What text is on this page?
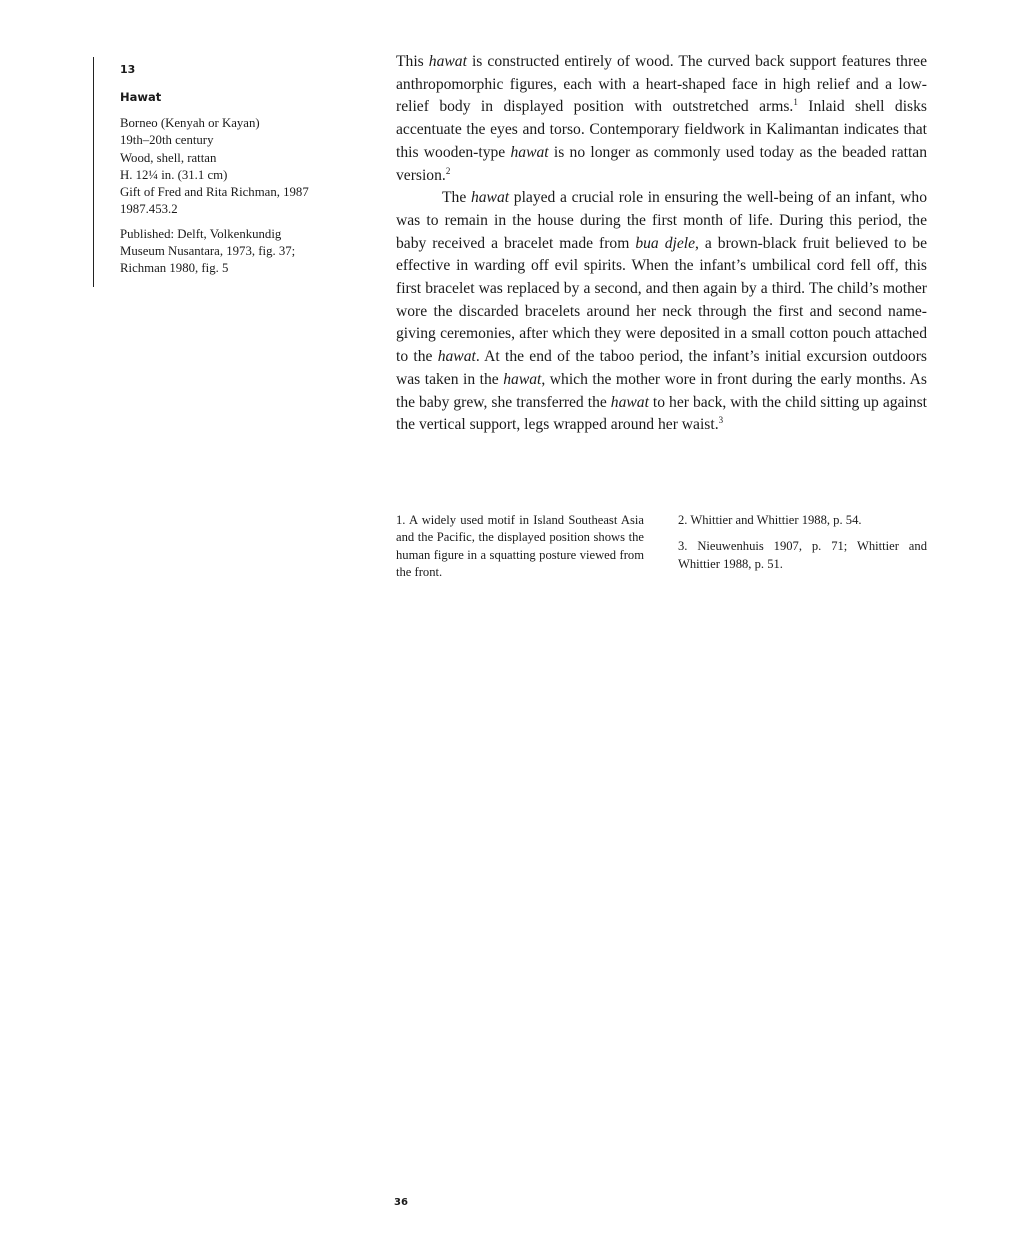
13
Hawat
Borneo (Kenyah or Kayan)
19th–20th century
Wood, shell, rattan
H. 12¼ in. (31.1 cm)
Gift of Fred and Rita Richman, 1987
1987.453.2
Published: Delft, Volkenkundig
Museum Nusantara, 1973, fig. 37;
Richman 1980, fig. 5

This hawat is constructed entirely of wood. The curved back support features three anthropomorphic figures, each with a heart-shaped face in high relief and a low-relief body in displayed position with outstretched arms.$^1$ Inlaid shell disks accentuate the eyes and torso. Contemporary fieldwork in Kalimantan indicates that this wooden-type hawat is no longer as commonly used today as the beaded rattan version.$^2$

The hawat played a crucial role in ensuring the well-being of an infant, who was to remain in the house during the first month of life. During this period, the baby received a bracelet made from bua djele, a brown-black fruit believed to be effective in warding off evil spirits. When the infant’s umbilical cord fell off, this first bracelet was replaced by a second, and then again by a third. The child’s mother wore the discarded bracelets around her neck through the first and second name-giving ceremonies, after which they were deposited in a small cotton pouch attached to the hawat. At the end of the taboo period, the infant’s initial excursion outdoors was taken in the hawat, which the mother wore in front during the early months. As the baby grew, she transferred the hawat to her back, with the child sitting up against the vertical support, legs wrapped around her waist.$^3$

1. A widely used motif in Island Southeast Asia and the Pacific, the displayed position shows the human figure in a squatting posture viewed from the front.

2. Whittier and Whittier 1988, p. 54.

3. Nieuwenhuis 1907, p. 71; Whittier and Whittier 1988, p. 51.

36
